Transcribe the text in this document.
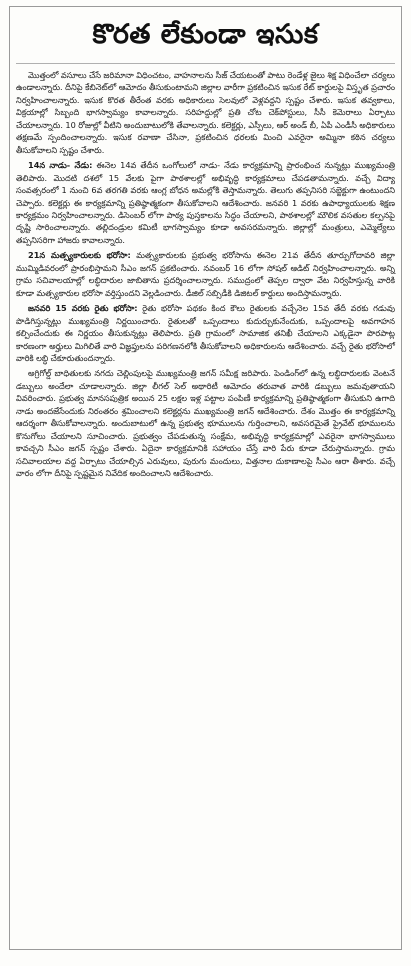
కొరత లేకుండా ఇసుక

మొత్తంలో వసూలు చేసే జరిమానా విధించటం, వాహనాలను సీజ్ చేయటంతో పాటు రెండేళ్ల జైలు శిక్ష విధించేలా చర్యలు ఉండాలన్నారు. దీనిపై కేబినెట్‌లో ఆమోదం తీసుకుంటామని జిల్లాల వారీగా ప్రకటించిన ఇసుక రేట్ కార్డులపై విస్తృత ప్రచారం నిర్వహించాలన్నారు. ఇసుక కొరత తీరేంత వరకు అధికారులు సెలవులో వెళ్లవద్దని స్పష్టం చేశారు. ఇసుక తవ్వకాలు, విక్రయాల్లో సిబ్బంది భాగస్వామ్యం కావాలన్నారు. సరిహద్దుల్లో ప్రతి చోట చెక్‌పోస్టులు, సీసీ కెమెరాలు ఏర్పాటు చేయాలన్నారు. 10 రోజుల్లో వీటిని అందుబాటులోకి తేవాలన్నారు. కలెక్టర్లు, ఎస్పీలు, ఆర్ అండ్ బీ, ఏపీ ఎండీసీ అధికారులు తక్షణమే స్పందించాలన్నారు. ఇసుక రవాణా చేసినా, ప్రకటించిన ధరలకు మించి ఎవరైనా అమ్మినా కఠిన చర్యలు తీసుకోవాలని స్పష్టం చేశారు.

14న నాడు- నేడు: ఈనెల 14వ తేదీన ఒంగోలులో నాడు- నేడు కార్యక్రమాన్ని ప్రారంభించ నున్నట్లు ముఖ్యమంత్రి తెలిపారు. మొదటి దశలో 15 వేలకు పైగా పాఠశాలల్లో అభివృద్ధి కార్యక్రమాలు చేపడతామన్నారు. వచ్చే విద్యా సంవత్సరంలో 1 నుంచి 6వ తరగతి వరకు ఆంగ్ల బోధన అమల్లోకి తెస్తామన్నారు. తెలుగు తప్పనిసరి సబ్జెక్టుగా ఉంటుందని చెప్పారు. కలెక్టర్లు ఈ కార్యక్రమాన్ని ప్రతిష్ఠాత్మకంగా తీసుకోవాలని ఆదేశించారు. జనవరి 1 వరకు ఉపాధ్యాయులకు శిక్షణ కార్యక్రమం నిర్వహించాలన్నారు. డిసెంబర్ లోగా పాఠ్య పుస్తకాలను సిద్ధం చేయాలని, పాఠశాలల్లో మౌలిక వసతుల కల్పనపై దృష్టి సారించాలన్నారు. తల్లిదండ్రుల కమిటీ భాగస్వామ్యం కూడా అవసరమన్నారు. జిల్లాల్లో మంత్రులు, ఎమ్మెల్యేలు తప్పనిసరిగా హాజరు కావాలన్నారు.

21న మత్స్యకారులకు భరోసా: మత్స్యకారులకు ప్రభుత్వ భరోసాను ఈనెల 21వ తేదీన తూర్పుగోదావరి జిల్లా ముమ్మిడివరంలో ప్రారంభిస్తామని సీఎం జగన్ ప్రకటించారు. నవంబర్ 16 లోగా సోషల్ ఆడిట్ నిర్వహించాలన్నారు. అన్ని గ్రామ సచివాలయాల్లో లబ్ధిదారుల జాబితాను ప్రదర్శించాలన్నారు. సముద్రంలో తెప్పల ద్వారా వేట నిర్వహిస్తున్న వారికి కూడా మత్స్యకారుల భరోసా వర్తిస్తుందని వెల్లడించారు. డీజిల్ సబ్సిడీకి డిజిటల్ కార్డులు అందిస్తామన్నారు.

జనవరి 15 వరకు రైతు భరోసా: రైతు భరోసా పథకం కింద కౌలు రైతులకు వచ్చేనెల 15వ తేదీ వరకు గడువు పొడిగిస్తున్నట్లు ముఖ్యమంత్రి నిర్ణయించారు. రైతులతో ఒప్పందాలు కుదుర్చుకునేందుకు, ఒప్పందాలపై అవగాహన కల్పించేందుకు ఈ నిర్ణయం తీసుకున్నట్లు తెలిపారు. ప్రతి గ్రామంలో సామాజిక తనిఖీ చేయాలని ఎక్కడైనా పొరపాట్ల కారణంగా అర్హులు మిగిలితే వారి విజ్ఞప్తులను పరిగణనలోకి తీసుకోవాలని అధికారులను ఆదేశించారు. వచ్చే రైతు భరోసాలో వారికి లబ్ధి చేకూరుతుందన్నారు.

అగ్రిగోల్డ్ బాధితులకు నగదు చెల్లింపులపై ముఖ్యమంత్రి జగన్ సమీక్ష జరిపారు. పెండింగ్‌లో ఉన్న లబ్ధిదారులకు వెంటనే డబ్బులు అందేలా చూడాలన్నారు. జిల్లా లీగల్ సెల్ అథారిటీ ఆమోదం తరువాత వారికి డబ్బులు జమవుతాయని వివరించారు. ప్రభుత్వ మానసపుత్రిక అయిన 25 లక్షల ఇళ్ల పట్టాల పంపిణీ కార్యక్రమాన్ని ప్రతిష్ఠాత్మకంగా తీసుకుని ఉగాది నాడు అందజేసేందుకు నిరంతరం శ్రమించాలని కలెక్టర్లను ముఖ్యమంత్రి జగన్ ఆదేశించారు. దేశం మొత్తం ఈ కార్యక్రమాన్ని ఆదర్శంగా తీసుకోవాలన్నారు. అందుబాటులో ఉన్న ప్రభుత్వ భూములను గుర్తించాలని, అవసరమైతే ప్రైవేట్ భూములను కొనుగోలు చేయాలని సూచించారు. ప్రభుత్వం చేపడుతున్న సంక్షేమ, అభివృద్ధి కార్యక్రమాల్లో ఎవరైనా భాగస్వాములు కావచ్చని సీఎం జగన్ స్పష్టం చేశారు. ఏదైనా కార్యక్రమానికి సహాయం చేస్తే వారి పేరు కూడా చేరుస్తామన్నారు. గ్రామ సచివాలయాల వద్ద ఏర్పాటు చేయాల్సిన ఎరువులు, పురుగు మందులు, విత్తనాల దుకాణాలపై సీఎం ఆరా తీశారు. వచ్చే వారం లోగా దీనిపై స్పష్టమైన నివేదిక అందించాలని ఆదేశించారు.
